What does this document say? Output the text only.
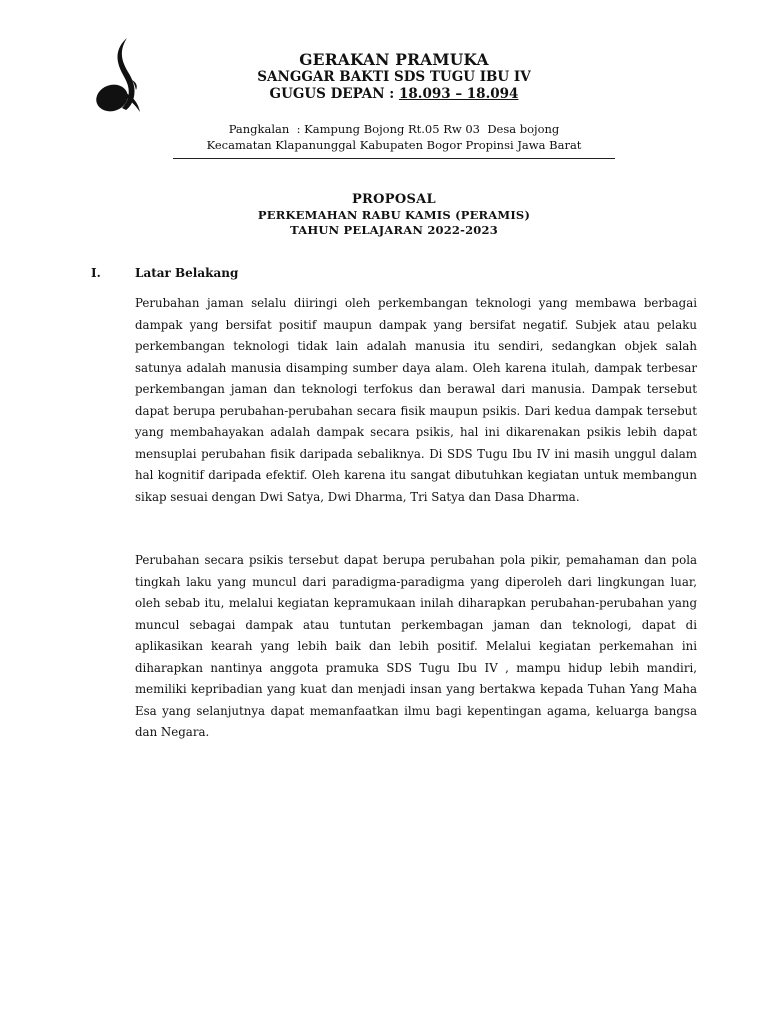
GERAKAN PRAMUKA

SANGGAR BAKTI SDS TUGU IBU IV

GUGUS DEPAN : 18.093 – 18.094

Pangkalan  : Kampung Bojong Rt.05 Rw 03  Desa bojong
Kecamatan Klapanunggal Kabupaten Bogor Propinsi Jawa Barat
PROPOSAL
PERKEMAHAN RABU KAMIS (PERAMIS)
TAHUN PELAJARAN 2022-2023
I.	Latar Belakang

Perubahan jaman selalu diiringi oleh perkembangan teknologi yang membawa berbagai dampak yang bersifat positif maupun dampak yang bersifat negatif. Subjek atau pelaku perkembangan teknologi tidak lain adalah manusia itu sendiri, sedangkan objek salah satunya adalah manusia disamping sumber daya alam. Oleh karena itulah, dampak terbesar perkembangan jaman dan teknologi terfokus dan berawal dari manusia. Dampak tersebut dapat berupa perubahan-perubahan secara fisik maupun psikis. Dari kedua dampak tersebut yang membahayakan adalah dampak secara psikis, hal ini dikarenakan psikis lebih dapat mensuplai perubahan fisik daripada sebaliknya. Di SDS Tugu Ibu IV ini masih unggul dalam hal kognitif daripada efektif. Oleh karena itu sangat dibutuhkan kegiatan untuk membangun sikap sesuai dengan Dwi Satya, Dwi Dharma, Tri Satya dan Dasa Dharma.

Perubahan secara psikis tersebut dapat berupa perubahan pola pikir, pemahaman dan pola tingkah laku yang muncul dari paradigma-paradigma yang diperoleh dari lingkungan luar, oleh sebab itu, melalui kegiatan kepramukaan inilah diharapkan perubahan-perubahan yang muncul sebagai dampak atau tuntutan perkembagan jaman dan teknologi, dapat di aplikasikan kearah yang lebih baik dan lebih positif. Melalui kegiatan perkemahan ini diharapkan nantinya anggota pramuka SDS Tugu Ibu IV , mampu hidup lebih mandiri, memiliki kepribadian yang kuat dan menjadi insan yang bertakwa kepada Tuhan Yang Maha Esa yang selanjutnya dapat memanfaatkan ilmu bagi kepentingan agama, keluarga bangsa dan Negara.
